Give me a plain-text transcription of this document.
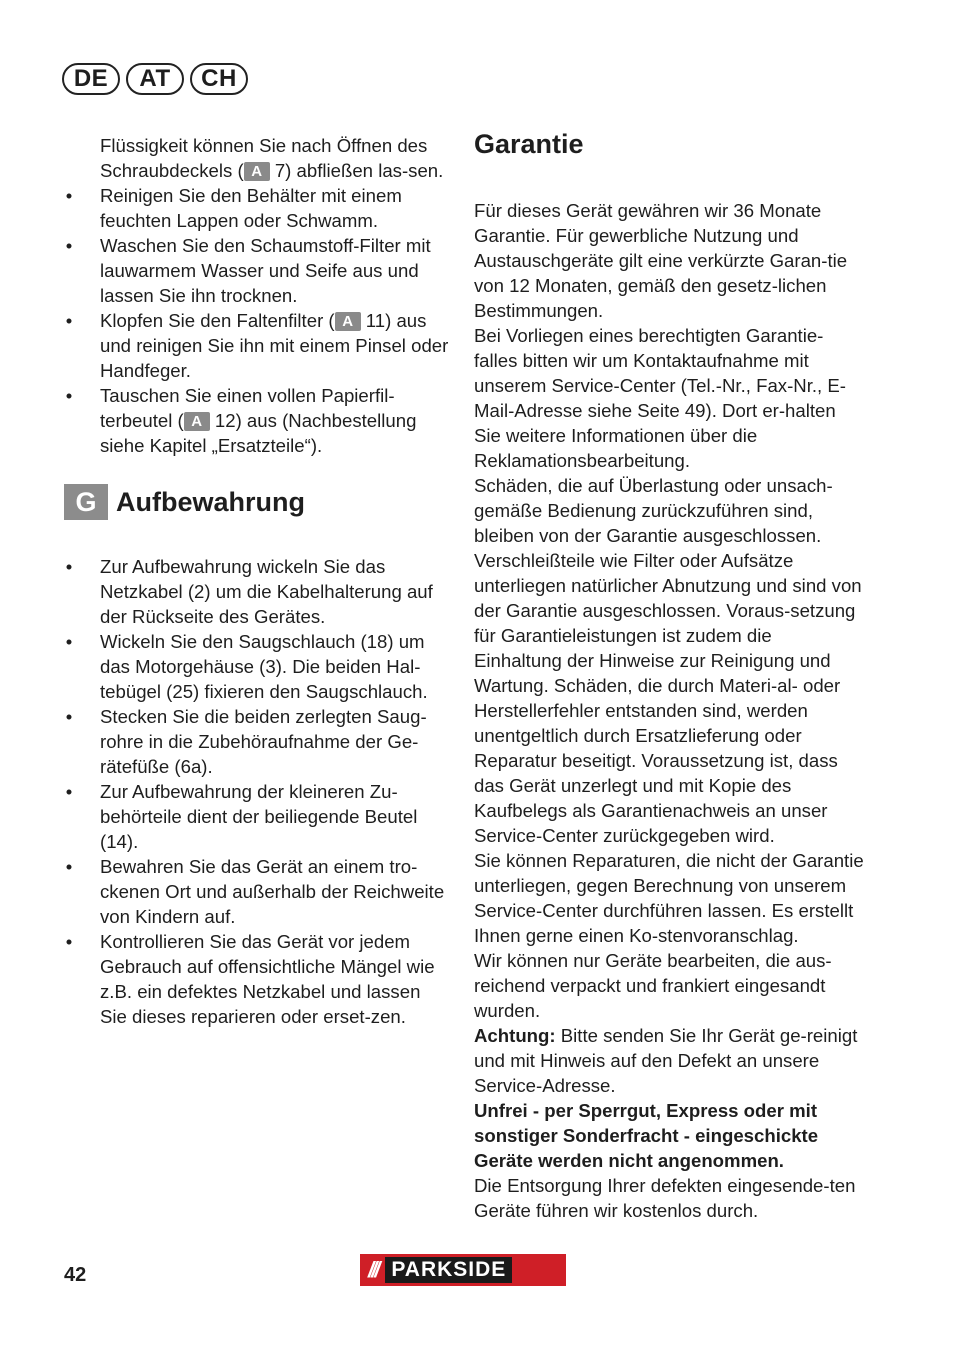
DE	AT	CH
Flüssigkeit können Sie nach Öffnen des Schraubdeckels ( A 7) abfließen las-sen.
• Reinigen Sie den Behälter mit einem feuchten Lappen oder Schwamm.
• Waschen Sie den Schaumstoff-Filter mit lauwarmem Wasser und Seife aus und lassen Sie ihn trocknen.
• Klopfen Sie den Faltenfilter ( A 11) aus und reinigen Sie ihn mit einem Pinsel oder Handfeger.
• Tauschen Sie einen vollen Papierfil-terbeutel ( A 12) aus (Nachbestellung siehe Kapitel „Ersatzteile“).
G Aufbewahrung
• Zur Aufbewahrung wickeln Sie das Netzkabel (2) um die Kabelhalterung auf der Rückseite des Gerätes.
• Wickeln Sie den Saugschlauch (18) um das Motorgehäuse (3). Die beiden Hal-tebügel (25) fixieren den Saugschlauch.
• Stecken Sie die beiden zerlegten Saug-rohre in die Zubehöraufnahme der Ge-rätefüße (6a).
• Zur Aufbewahrung der kleineren Zu-behörteile dient der beiliegende Beutel (14).
• Bewahren Sie das Gerät an einem tro-ckenen Ort und außerhalb der Reichweite von Kindern auf.
• Kontrollieren Sie das Gerät vor jedem Gebrauch auf offensichtliche Mängel wie z.B. ein defektes Netzkabel und lassen Sie dieses reparieren oder erset-zen.
Garantie
Für dieses Gerät gewähren wir 36 Monate Garantie. Für gewerbliche Nutzung und Austauschgeräte gilt eine verkürzte Garan-tie von 12 Monaten, gemäß den gesetz-lichen Bestimmungen.
Bei Vorliegen eines berechtigten Garantie-falles bitten wir um Kontaktaufnahme mit unserem Service-Center (Tel.-Nr., Fax-Nr., E-Mail-Adresse siehe Seite 49). Dort er-halten Sie weitere Informationen über die Reklamationsbearbeitung.
Schäden, die auf Überlastung oder unsach-gemäße Bedienung zurückzuführen sind, bleiben von der Garantie ausgeschlossen.
Verschleißteile wie Filter oder Aufsätze unterliegen natürlicher Abnutzung und sind von der Garantie ausgeschlossen. Voraus-setzung für Garantieleistungen ist zudem die Einhaltung der Hinweise zur Reinigung und Wartung. Schäden, die durch Materi-al- oder Herstellerfehler entstanden sind, werden unentgeltlich durch Ersatzlieferung oder Reparatur beseitigt. Voraussetzung ist, dass das Gerät unzerlegt und mit Kopie des Kaufbelegs als Garantienachweis an unser Service-Center zurückgegeben wird.
Sie können Reparaturen, die nicht der Garantie unterliegen, gegen Berechnung von unserem Service-Center durchführen lassen. Es erstellt Ihnen gerne einen Ko-stenvoranschlag.
Wir können nur Geräte bearbeiten, die aus-reichend verpackt und frankiert eingesandt wurden.
Achtung: Bitte senden Sie Ihr Gerät ge-reinigt und mit Hinweis auf den Defekt an unsere Service-Adresse.
Unfrei - per Sperrgut, Express oder mit sonstiger Sonderfracht - eingeschickte Geräte werden nicht angenommen.
Die Entsorgung Ihrer defekten eingesende-ten Geräte führen wir kostenlos durch.
42	/// PARKSIDE
